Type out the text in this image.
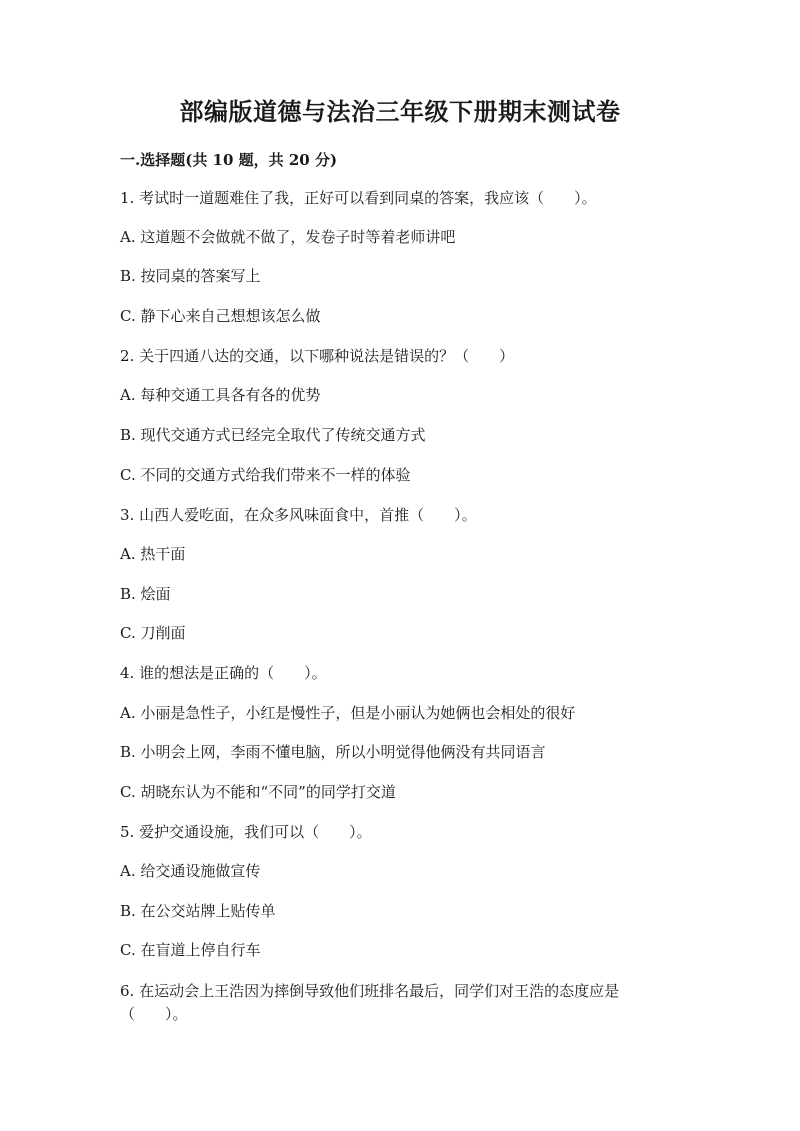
部编版道德与法治三年级下册期末测试卷
一.选择题(共 10 题，共 20 分)
1. 考试时一道题难住了我，正好可以看到同桌的答案，我应该（　　）。
A. 这道题不会做就不做了，发卷子时等着老师讲吧
B. 按同桌的答案写上
C. 静下心来自己想想该怎么做
2. 关于四通八达的交通，以下哪种说法是错误的？（　　）
A. 每种交通工具各有各的优势
B. 现代交通方式已经完全取代了传统交通方式
C. 不同的交通方式给我们带来不一样的体验
3. 山西人爱吃面，在众多风味面食中，首推（　　）。
A. 热干面
B. 烩面
C. 刀削面
4. 谁的想法是正确的（　　）。
A. 小丽是急性子，小红是慢性子，但是小丽认为她俩也会相处的很好
B. 小明会上网，李雨不懂电脑，所以小明觉得他俩没有共同语言
C. 胡晓东认为不能和“不同”的同学打交道
5. 爱护交通设施，我们可以（　　）。
A. 给交通设施做宣传
B. 在公交站牌上贴传单
C. 在盲道上停自行车
6. 在运动会上王浩因为摔倒导致他们班排名最后，同学们对王浩的态度应是（　　）。
